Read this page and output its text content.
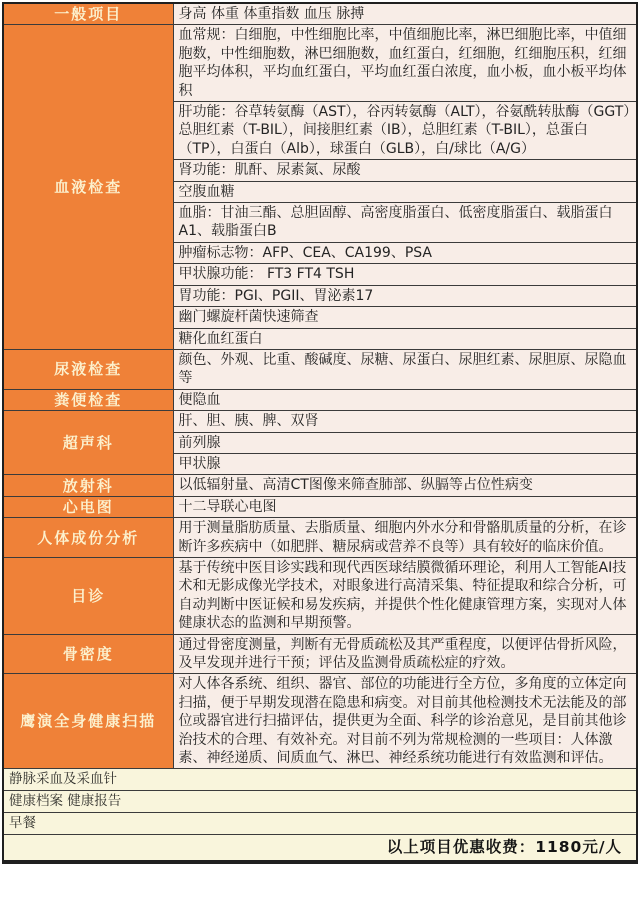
一般项目	身高 体重 体重指数 血压 脉搏
血液检查	血常规：白细胞，中性细胞比率，中值细胞比率，淋巴细胞比率，中值细胞数，中性细胞数，淋巴细胞数，血红蛋白，红细胞，红细胞压积，红细胞平均体积，平均血红蛋白，平均血红蛋白浓度，血小板，血小板平均体积
	肝功能：谷草转氨酶（AST），谷丙转氨酶（ALT），谷氨酰转肽酶（GGT）总胆红素（T-BIL），间接胆红素（IB），总胆红素（T-BIL），总蛋白（TP），白蛋白（Alb），球蛋白（GLB），白/球比（A/G）
	肾功能：肌酐、尿素氮、尿酸
	空腹血糖
	血脂：甘油三酯、总胆固醇、高密度脂蛋白、低密度脂蛋白、载脂蛋白A1、载脂蛋白B
	肿瘤标志物：AFP、CEA、CA199、PSA
	甲状腺功能： FT3 FT4 TSH
	胃功能：PGI、PGII、胃泌素17
	幽门螺旋杆菌快速筛查
	糖化血红蛋白
尿液检查	颜色、外观、比重、酸碱度、尿糖、尿蛋白、尿胆红素、尿胆原、尿隐血等
粪便检查	便隐血
超声科	肝、胆、胰、脾、双肾
	前列腺
	甲状腺
放射科	以低辐射量、高清CT图像来筛查肺部、纵膈等占位性病变
心电图	十二导联心电图
人体成份分析	用于测量脂肪质量、去脂质量、细胞内外水分和骨骼肌质量的分析，在诊断许多疾病中（如肥胖、糖尿病或营养不良等）具有较好的临床价值。
目诊	基于传统中医目诊实践和现代西医球结膜微循环理论，利用人工智能AI技术和无影成像光学技术，对眼象进行高清采集、特征提取和综合分析，可自动判断中医证候和易发疾病，并提供个性化健康管理方案，实现对人体健康状态的监测和早期预警。
骨密度	通过骨密度测量，判断有无骨质疏松及其严重程度，以便评估骨折风险，及早发现并进行干预；评估及监测骨质疏松症的疗效。
鹰演全身健康扫描	对人体各系统、组织、器官、部位的功能进行全方位，多角度的立体定向扫描，便于早期发现潜在隐患和病变。对目前其他检测技术无法能及的部位或器官进行扫描评估，提供更为全面、科学的诊治意见，是目前其他诊治技术的合理、有效补充。对目前不列为常规检测的一些项目：人体激素、神经递质、间质血气、淋巴、神经系统功能进行有效监测和评估。
静脉采血及采血针	
健康档案 健康报告	
早餐	
以上项目优惠收费：1180元/人	
